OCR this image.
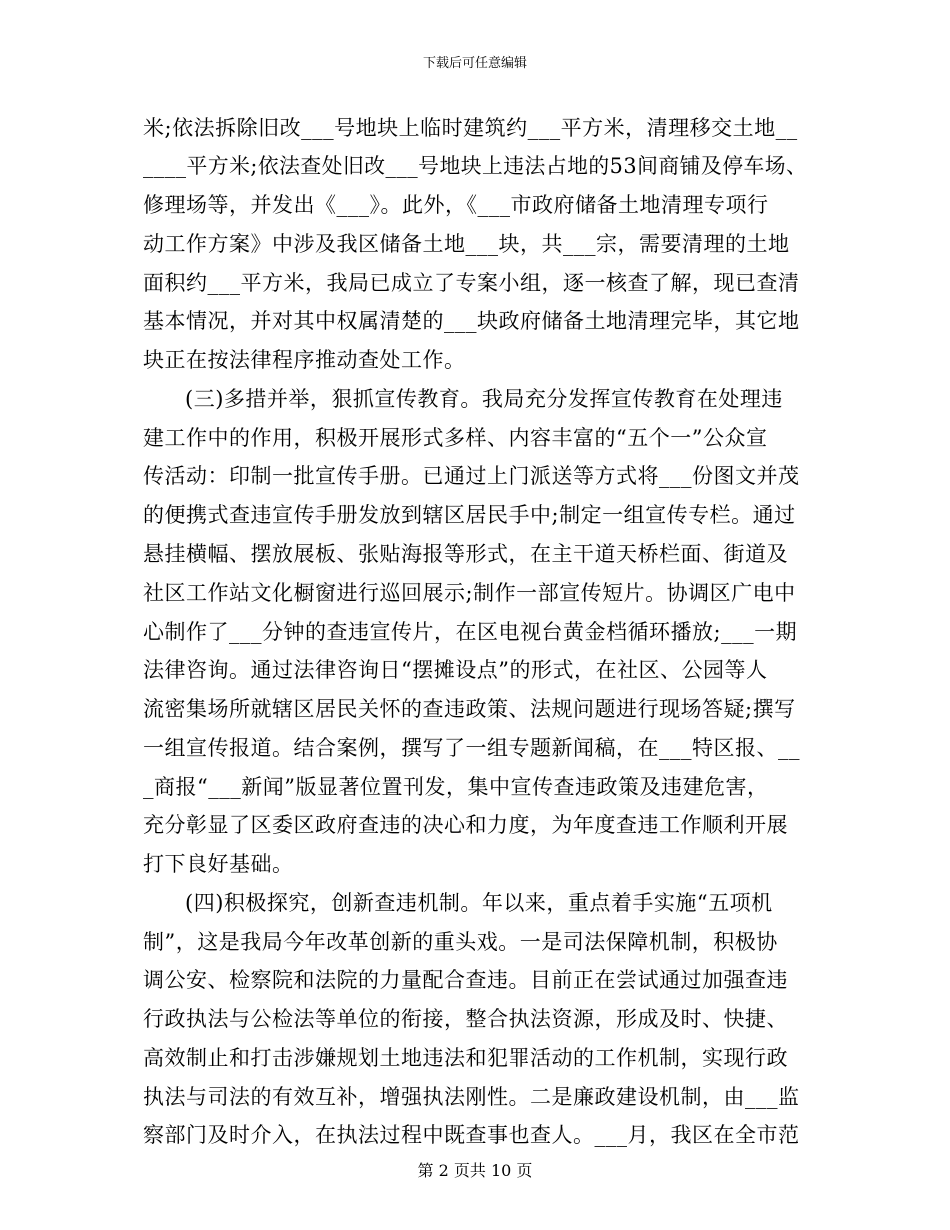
下载后可任意编辑
米;依法拆除旧改___号地块上临时建筑约___平方米，清理移交土地__
____平方米;依法查处旧改___号地块上违法占地的53间商铺及停车场、
修理场等，并发出《___》。此外，《___市政府储备土地清理专项行
动工作方案》中涉及我区储备土地___块，共___宗，需要清理的土地
面积约___平方米，我局已成立了专案小组，逐一核查了解，现已查清
基本情况，并对其中权属清楚的___块政府储备土地清理完毕，其它地
块正在按法律程序推动查处工作。
(三)多措并举，狠抓宣传教育。我局充分发挥宣传教育在处理违
建工作中的作用，积极开展形式多样、内容丰富的“五个一”公众宣
传活动：印制一批宣传手册。已通过上门派送等方式将___份图文并茂
的便携式查违宣传手册发放到辖区居民手中;制定一组宣传专栏。通过
悬挂横幅、摆放展板、张贴海报等形式，在主干道天桥栏面、街道及
社区工作站文化橱窗进行巡回展示;制作一部宣传短片。协调区广电中
心制作了___分钟的查违宣传片，在区电视台黄金档循环播放;___一期
法律咨询。通过法律咨询日“摆摊设点”的形式，在社区、公园等人
流密集场所就辖区居民关怀的查违政策、法规问题进行现场答疑;撰写
一组宣传报道。结合案例，撰写了一组专题新闻稿，在___特区报、__
_商报“___新闻”版显著位置刊发，集中宣传查违政策及违建危害，
充分彰显了区委区政府查违的决心和力度，为年度查违工作顺利开展
打下良好基础。
(四)积极探究，创新查违机制。年以来，重点着手实施“五项机
制”，这是我局今年改革创新的重头戏。一是司法保障机制，积极协
调公安、检察院和法院的力量配合查违。目前正在尝试通过加强查违
行政执法与公检法等单位的衔接，整合执法资源，形成及时、快捷、
高效制止和打击涉嫌规划土地违法和犯罪活动的工作机制，实现行政
执法与司法的有效互补，增强执法刚性。二是廉政建设机制，由___监
察部门及时介入，在执法过程中既查事也查人。___月，我区在全市范
第 2 页共 10 页
